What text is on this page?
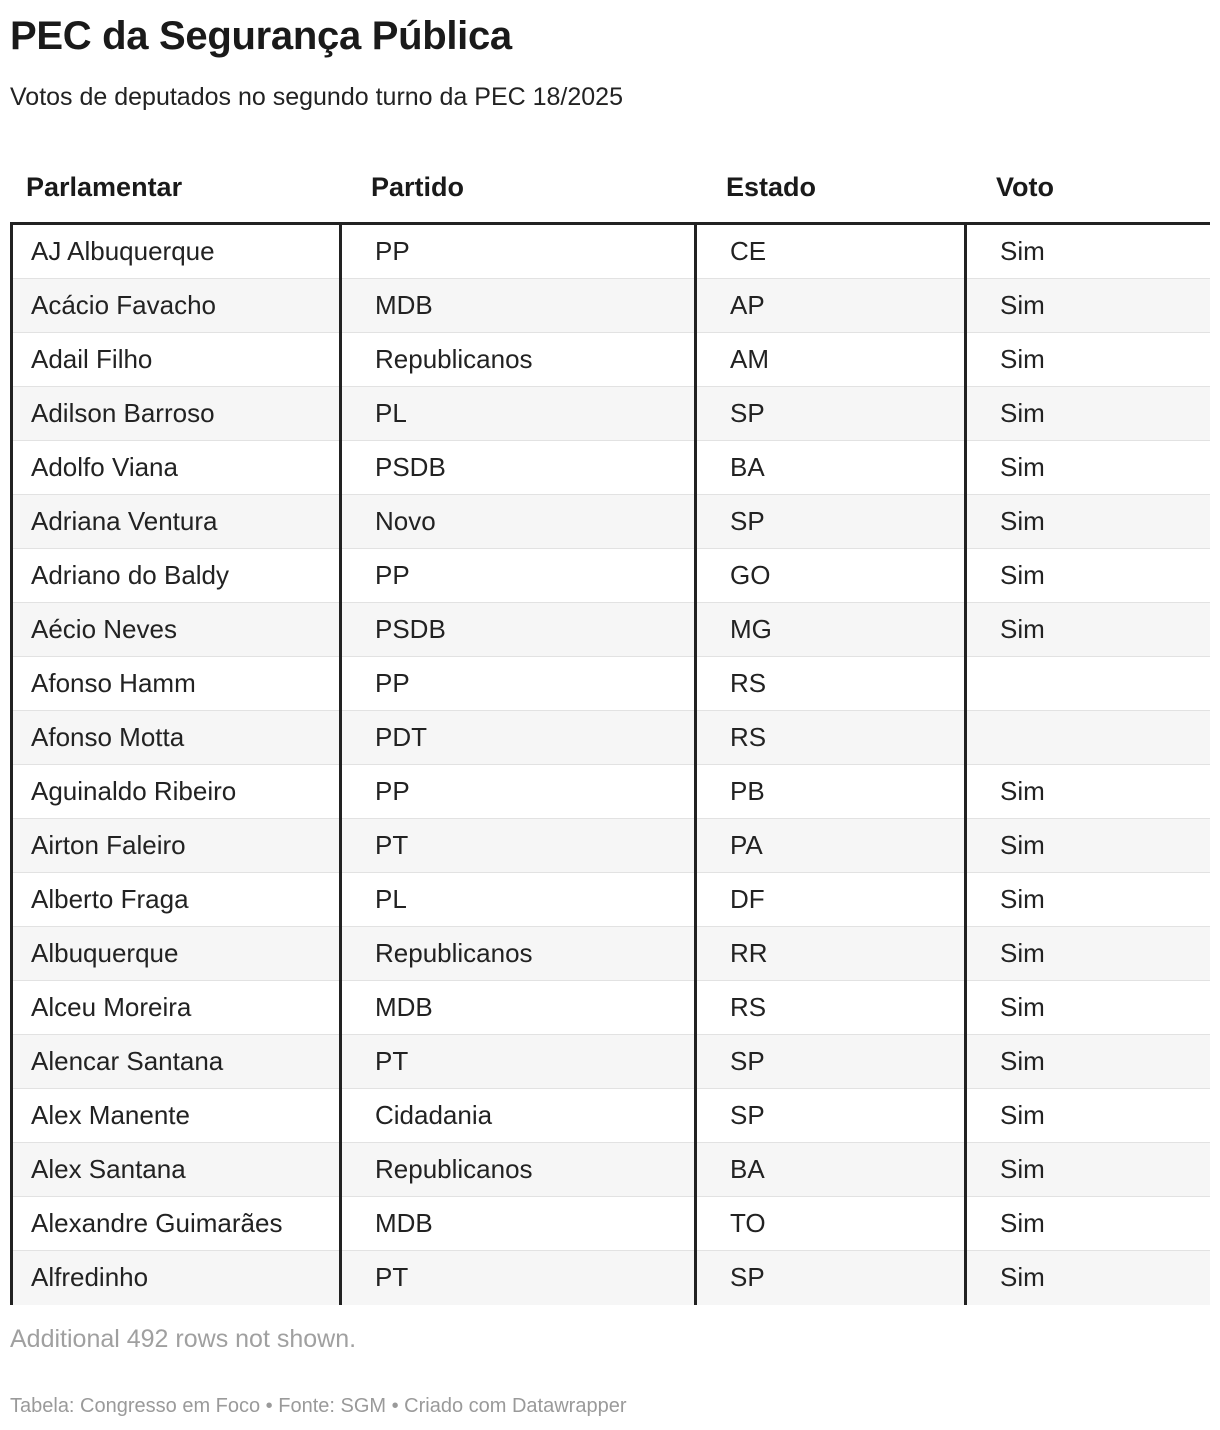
PEC da Segurança Pública
Votos de deputados no segundo turno da PEC 18/2025
Parlamentar	Partido	Estado	Voto
AJ Albuquerque	PP	CE	Sim
Acácio Favacho	MDB	AP	Sim
Adail Filho	Republicanos	AM	Sim
Adilson Barroso	PL	SP	Sim
Adolfo Viana	PSDB	BA	Sim
Adriana Ventura	Novo	SP	Sim
Adriano do Baldy	PP	GO	Sim
Aécio Neves	PSDB	MG	Sim
Afonso Hamm	PP	RS
Afonso Motta	PDT	RS
Aguinaldo Ribeiro	PP	PB	Sim
Airton Faleiro	PT	PA	Sim
Alberto Fraga	PL	DF	Sim
Albuquerque	Republicanos	RR	Sim
Alceu Moreira	MDB	RS	Sim
Alencar Santana	PT	SP	Sim
Alex Manente	Cidadania	SP	Sim
Alex Santana	Republicanos	BA	Sim
Alexandre Guimarães	MDB	TO	Sim
Alfredinho	PT	SP	Sim
Additional 492 rows not shown.
Tabela: Congresso em Foco • Fonte: SGM • Criado com Datawrapper
